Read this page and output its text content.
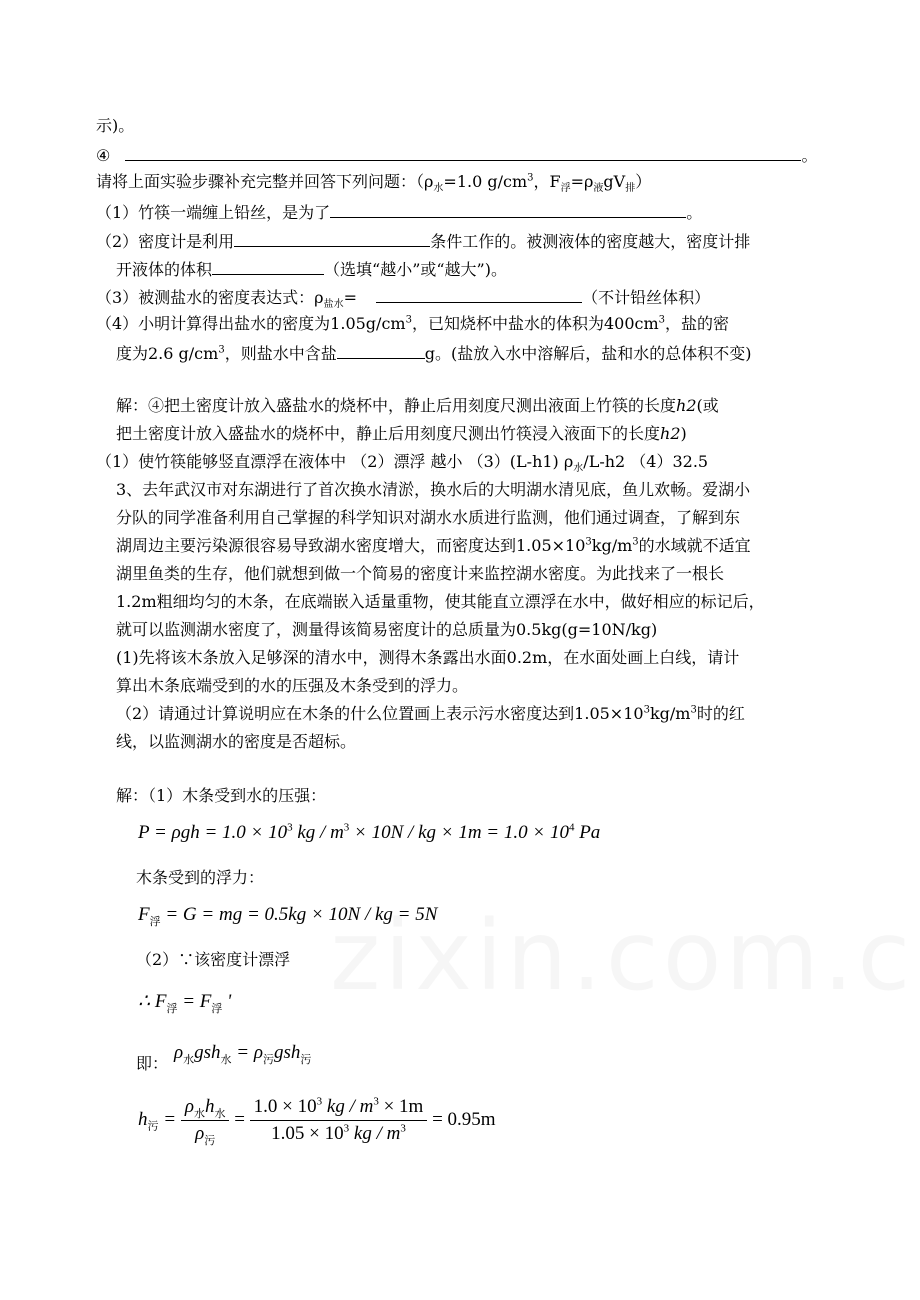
示)。
④	。
请将上面实验步骤补充完整并回答下列问题：（$\rho_水=1.0$ $g/cm^3$，$F_浮=\rho_液gV_排$）
（1）竹筷一端缠上铅丝，是为了	。
（2）密度计是利用	条件工作的。被测液体的密度越大，密度计排
开液体的体积	（选填“越小”或“越大”)。
（3）被测盐水的密度表达式：$\rho_{盐水}=$	（不计铅丝体积）
（4）小明计算得出盐水的密度为$1.05g/cm^3$，已知烧杯中盐水的体积为$400cm^3$，盐的密
度为2.6 $g/cm^3$，则盐水中含盐	g。(盐放入水中溶解后，盐和水的总体积不变)
解：④把土密度计放入盛盐水的烧杯中，静止后用刻度尺测出液面上竹筷的长度h2(或
把土密度计放入盛盐水的烧杯中，静止后用刻度尺测出竹筷浸入液面下的长度h2)
（1）使竹筷能够竖直漂浮在液体中 （2）漂浮 越小 （3）(L-h1) $\rho_水/L-h2$ （4）32.5
3、去年武汉市对东湖进行了首次换水清淤，换水后的大明湖水清见底，鱼儿欢畅。爱湖小
分队的同学准备利用自己掌握的科学知识对湖水水质进行监测，他们通过调查，了解到东
湖周边主要污染源很容易导致湖水密度增大，而密度达到$1.05\times 10^3kg/m^3$的水域就不适宜
湖里鱼类的生存，他们就想到做一个简易的密度计来监控湖水密度。为此找来了一根长
1.2m粗细均匀的木条，在底端嵌入适量重物，使其能直立漂浮在水中，做好相应的标记后，
就可以监测湖水密度了，测量得该简易密度计的总质量为0.5kg(g=10N/kg)
(1)先将该木条放入足够深的清水中，测得木条露出水面0.2m，在水面处画上白线，请计
算出木条底端受到的水的压强及木条受到的浮力。
（2）请通过计算说明应在木条的什么位置画上表示污水密度达到$1.05\times 10^3kg/m^3$时的红
线，以监测湖水的密度是否超标。
解：（1）木条受到水的压强：
$P = \rho gh = 1.0 \times 10^3$ kg / $m^3 \times 10N$ / kg × $1m = 1.0 \times 10^4$ Pa
木条受到的浮力：
$F_浮 = G$ = mg = 0.5kg × 10N / kg = 5N
（2）∵该密度计漂浮
∴ $F_浮 = F_浮$ '
即：
$\rho_水gsh_水 = \rho_污gsh_污$
$h_污 = \frac{\rho_水h_水}{\rho_污} = \frac{1.0 \times 10^3 kg / m^3 \times 1m}{1.05 \times 10^3 kg / m^3} = 0.95m$
